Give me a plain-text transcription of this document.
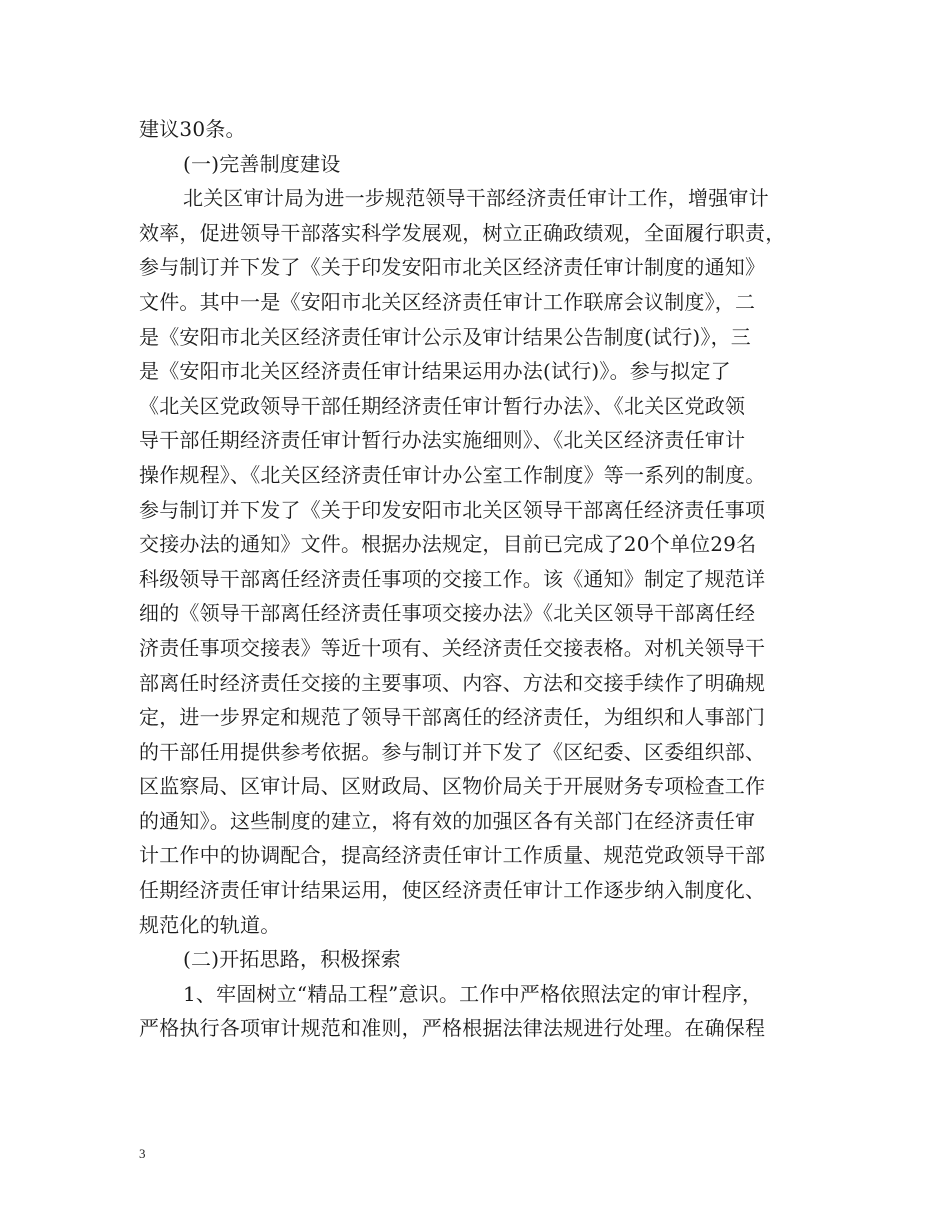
建议30条。
(一)完善制度建设
北关区审计局为进一步规范领导干部经济责任审计工作，增强审计
效率，促进领导干部落实科学发展观，树立正确政绩观，全面履行职责，
参与制订并下发了《关于印发安阳市北关区经济责任审计制度的通知》
文件。其中一是《安阳市北关区经济责任审计工作联席会议制度》，二
是《安阳市北关区经济责任审计公示及审计结果公告制度(试行)》，三
是《安阳市北关区经济责任审计结果运用办法(试行)》。参与拟定了
《北关区党政领导干部任期经济责任审计暂行办法》、《北关区党政领
导干部任期经济责任审计暂行办法实施细则》、《北关区经济责任审计
操作规程》、《北关区经济责任审计办公室工作制度》等一系列的制度。
参与制订并下发了《关于印发安阳市北关区领导干部离任经济责任事项
交接办法的通知》文件。根据办法规定，目前已完成了20个单位29名
科级领导干部离任经济责任事项的交接工作。该《通知》制定了规范详
细的《领导干部离任经济责任事项交接办法》《北关区领导干部离任经
济责任事项交接表》等近十项有、关经济责任交接表格。对机关领导干
部离任时经济责任交接的主要事项、内容、方法和交接手续作了明确规
定，进一步界定和规范了领导干部离任的经济责任，为组织和人事部门
的干部任用提供参考依据。参与制订并下发了《区纪委、区委组织部、
区监察局、区审计局、区财政局、区物价局关于开展财务专项检查工作
的通知》。这些制度的建立，将有效的加强区各有关部门在经济责任审
计工作中的协调配合，提高经济责任审计工作质量、规范党政领导干部
任期经济责任审计结果运用，使区经济责任审计工作逐步纳入制度化、
规范化的轨道。
(二)开拓思路，积极探索
1、牢固树立“精品工程”意识。工作中严格依照法定的审计程序，
严格执行各项审计规范和准则，严格根据法律法规进行处理。在确保程
3
